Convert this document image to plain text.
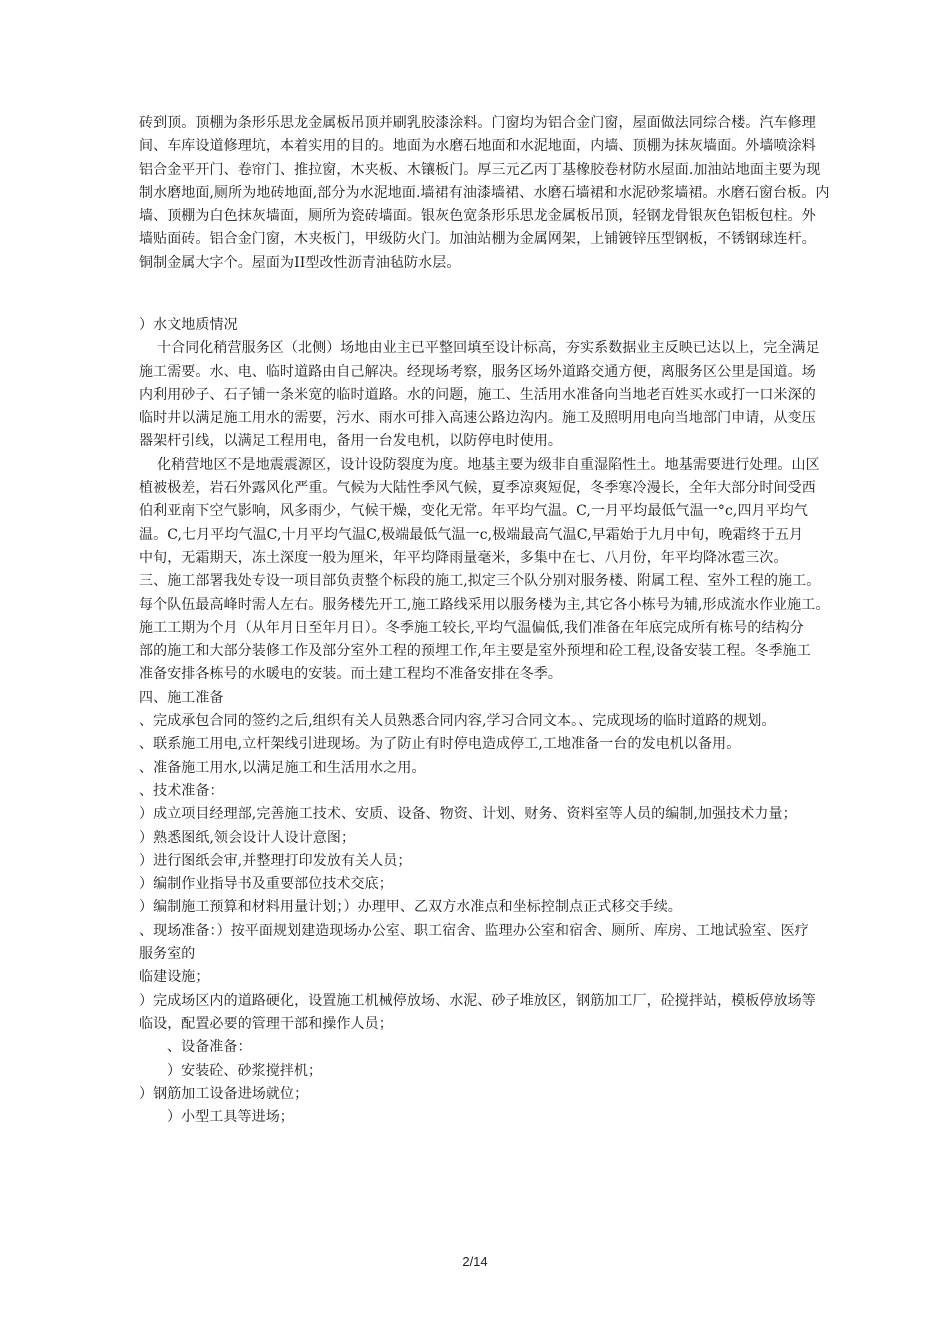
砖到顶。顶棚为条形乐思龙金属板吊顶并刷乳胶漆涂料。门窗均为铝合金门窗，屋面做法同综合楼。汽车修理
间、车库设道修理坑，本着实用的目的。地面为水磨石地面和水泥地面，内墙、顶棚为抹灰墙面。外墙喷涂料
铝合金平开门、卷帘门、推拉窗，木夹板、木镶板门。厚三元乙丙丁基橡胶卷材防水屋面.加油站地面主要为现
制水磨地面,厕所为地砖地面,部分为水泥地面.墙裙有油漆墙裙、水磨石墙裙和水泥砂浆墙裙。水磨石窗台板。内
墙、顶棚为白色抹灰墙面，厕所为瓷砖墙面。银灰色宽条形乐思龙金属板吊顶，轻钢龙骨银灰色铝板包柱。外
墙贴面砖。铝合金门窗，木夹板门，甲级防火门。加油站棚为金属网架，上铺镀锌压型钢板，不锈钢球连杆。
铜制金属大字个。屋面为II型改性沥青油毡防水层。
）水文地质情况
十合同化稍营服务区（北侧）场地由业主已平整回填至设计标高，夯实系数据业主反映已达以上，完全满足
施工需要。水、电、临时道路由自己解决。经现场考察，服务区场外道路交通方便，离服务区公里是国道。场
内利用砂子、石子铺一条米宽的临时道路。水的问题，施工、生活用水准备向当地老百姓买水或打一口米深的
临时井以满足施工用水的需要，污水、雨水可排入高速公路边沟内。施工及照明用电向当地部门申请，从变压
器架杆引线，以满足工程用电，备用一台发电机，以防停电时使用。
化稍营地区不是地震震源区，设计设防裂度为度。地基主要为级非自重湿陷性土。地基需要进行处理。山区
植被极差，岩石外露风化严重。气候为大陆性季风气候，夏季凉爽短促，冬季寒冷漫长，全年大部分时间受西
伯利亚南下空气影响，风多雨少，气候干燥，变化无常。年平均气温。C,一月平均最低气温一°c,四月平均气
温。C,七月平均气温C,十月平均气温C,极端最低气温一c,极端最高气温C,早霜始于九月中旬，晚霜终于五月
中旬，无霜期天，冻土深度一般为厘米，年平均降雨量毫米，多集中在七、八月份，年平均降冰雹三次。
三、施工部署我处专设一项目部负责整个标段的施工,拟定三个队分别对服务楼、附属工程、室外工程的施工。
每个队伍最高峰时需人左右。服务楼先开工,施工路线采用以服务楼为主,其它各小栋号为辅,形成流水作业施工。
施工工期为个月（从年月日至年月日）。冬季施工较长,平均气温偏低,我们准备在年底完成所有栋号的结构分
部的施工和大部分装修工作及部分室外工程的预埋工作,年主要是室外预埋和砼工程,设备安装工程。冬季施工
准备安排各栋号的水暖电的安装。而土建工程均不准备安排在冬季。
四、施工准备
、完成承包合同的签约之后,组织有关人员熟悉合同内容,学习合同文本。、完成现场的临时道路的规划。
、联系施工用电,立杆架线引进现场。为了防止有时停电造成停工,工地准备一台的发电机以备用。
、准备施工用水,以满足施工和生活用水之用。
、技术准备：
）成立项目经理部,完善施工技术、安质、设备、物资、计划、财务、资料室等人员的编制,加强技术力量；
）熟悉图纸,领会设计人设计意图；
）进行图纸会审,并整理打印发放有关人员；
）编制作业指导书及重要部位技术交底；
）编制施工预算和材料用量计划；）办理甲、乙双方水准点和坐标控制点正式移交手续。
、现场准备：）按平面规划建造现场办公室、职工宿舍、监理办公室和宿舍、厕所、库房、工地试验室、医疗
服务室的
临建设施；
）完成场区内的道路硬化，设置施工机械停放场、水泥、砂子堆放区，钢筋加工厂，砼搅拌站，模板停放场等
临设，配置必要的管理干部和操作人员；
、设备准备：
）安装砼、砂浆搅拌机；
）钢筋加工设备进场就位；
）小型工具等进场；
2/14
